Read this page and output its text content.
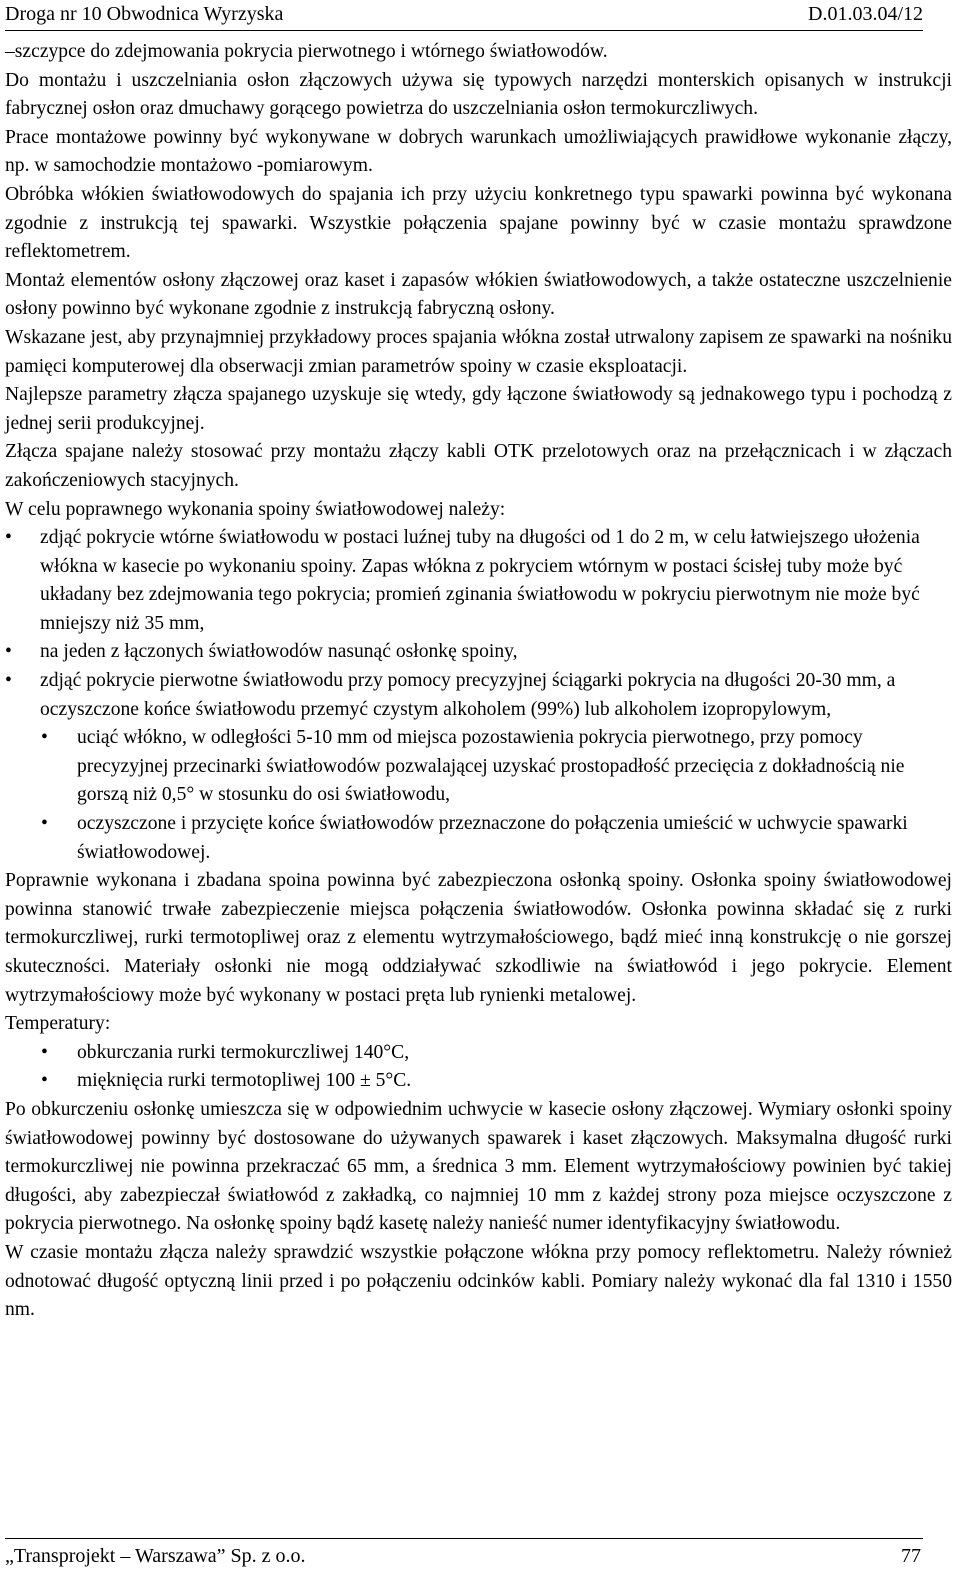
Droga nr 10 Obwodnica Wyrzyska	D.01.03.04/12

–szczypce do zdejmowania pokrycia pierwotnego i wtórnego światłowodów.

Do montażu i uszczelniania osłon złączowych używa się typowych narzędzi monterskich opisanych w instrukcji fabrycznej osłon oraz dmuchawy gorącego powietrza do uszczelniania osłon termokurczliwych.

Prace montażowe powinny być wykonywane w dobrych warunkach umożliwiających prawidłowe wykonanie złączy, np. w samochodzie montażowo -pomiarowym.

Obróbka włókien światłowodowych do spajania ich przy użyciu konkretnego typu spawarki powinna być wykonana zgodnie z instrukcją tej spawarki. Wszystkie połączenia spajane powinny być w czasie montażu sprawdzone reflektometrem.

Montaż elementów osłony złączowej oraz kaset i zapasów włókien światłowodowych, a także ostateczne uszczelnienie osłony powinno być wykonane zgodnie z instrukcją fabryczną osłony.

Wskazane jest, aby przynajmniej przykładowy proces spajania włókna został utrwalony zapisem ze spawarki na nośniku pamięci komputerowej dla obserwacji zmian parametrów spoiny w czasie eksploatacji.

Najlepsze parametry złącza spajanego uzyskuje się wtedy, gdy łączone światłowody są jednakowego typu i pochodzą z jednej serii produkcyjnej.

Złącza spajane należy stosować przy montażu złączy kabli OTK przelotowych oraz na przełącznicach i w złączach zakończeniowych stacyjnych.

W celu poprawnego wykonania spoiny światłowodowej należy:

• zdjąć pokrycie wtórne światłowodu w postaci luźnej tuby na długości od 1 do 2 m, w celu łatwiejszego ułożenia włókna w kasecie po wykonaniu spoiny. Zapas włókna z pokryciem wtórnym w postaci ścisłej tuby może być układany bez zdejmowania tego pokrycia; promień zginania światłowodu w pokryciu pierwotnym nie może być mniejszy niż 35 mm,
• na jeden z łączonych światłowodów nasunąć osłonkę spoiny,
• zdjąć pokrycie pierwotne światłowodu przy pomocy precyzyjnej ściągarki pokrycia na długości 20-30 mm, a oczyszczone końce światłowodu przemyć czystym alkoholem (99%) lub alkoholem izopropylowym,
• uciąć włókno, w odległości 5-10 mm od miejsca pozostawienia pokrycia pierwotnego, przy pomocy precyzyjnej przecinarki światłowodów pozwalającej uzyskać prostopadłość przecięcia z dokładnością nie gorszą niż 0,5° w stosunku do osi światłowodu,
• oczyszczone i przycięte końce światłowodów przeznaczone do połączenia umieścić w uchwycie spawarki światłowodowej.

Poprawnie wykonana i zbadana spoina powinna być zabezpieczona osłonką spoiny. Osłonka spoiny światłowodowej powinna stanowić trwałe zabezpieczenie miejsca połączenia światłowodów. Osłonka powinna składać się z rurki termokurczliwej, rurki termotopliwej oraz z elementu wytrzymałościowego, bądź mieć inną konstrukcję o nie gorszej skuteczności. Materiały osłonki nie mogą oddziaływać szkodliwie na światłowód i jego pokrycie. Element wytrzymałościowy może być wykonany w postaci pręta lub rynienki metalowej.

Temperatury:

• obkurczania rurki termokurczliwej 140°C,
• mięknięcia rurki termotopliwej 100 ± 5°C.

Po obkurczeniu osłonkę umieszcza się w odpowiednim uchwycie w kasecie osłony złączowej. Wymiary osłonki spoiny światłowodowej powinny być dostosowane do używanych spawarek i kaset złączowych. Maksymalna długość rurki termokurczliwej nie powinna przekraczać 65 mm, a średnica 3 mm. Element wytrzymałościowy powinien być takiej długości, aby zabezpieczał światłowód z zakładką, co najmniej 10 mm z każdej strony poza miejsce oczyszczone z pokrycia pierwotnego. Na osłonkę spoiny bądź kasetę należy nanieść numer identyfikacyjny światłowodu.

W czasie montażu złącza należy sprawdzić wszystkie połączone włókna przy pomocy reflektometru. Należy również odnotować długość optyczną linii przed i po połączeniu odcinków kabli. Pomiary należy wykonać dla fal 1310 i 1550 nm.

„Transprojekt – Warszawa” Sp. z o.o.	77
